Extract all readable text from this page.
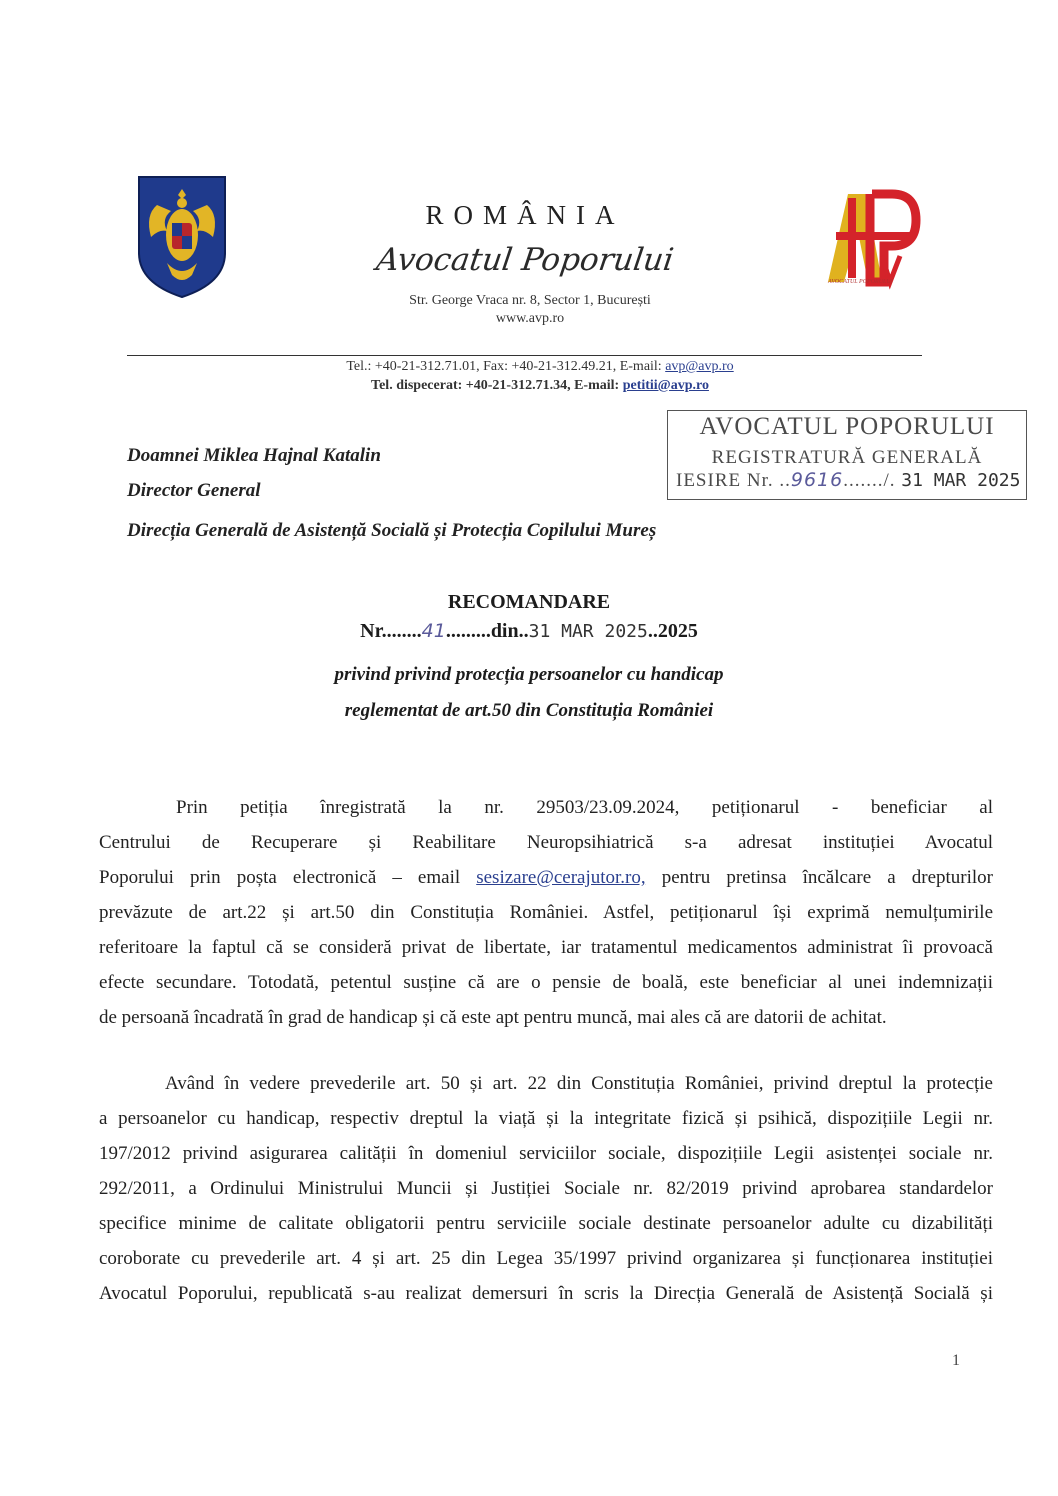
ROMÂNIA
Avocatul Poporului
Str. George Vraca nr. 8, Sector 1, București
www.avp.ro
AVOCATUL POPORULUI
Tel.: +40-21-312.71.01, Fax: +40-21-312.49.21, E-mail: avp@avp.ro
Tel. dispecerat: +40-21-312.71.34, E-mail: petitii@avp.ro
AVOCATUL POPORULUI
REGISTRATURĂ GENERALĂ
IESIRE Nr. ..9616......./. 31 MAR 2025
Doamnei Miklea Hajnal Katalin
Director General
Direcția Generală de Asistență Socială și Protecția Copilului Mureș
RECOMANDARE
Nr........41.........din..31 MAR 2025..2025
privind privind protecția persoanelor cu handicap
reglementat de art.50 din Constituția României
Prin petiția înregistrată la nr. 29503/23.09.2024, petiționarul - beneficiar al
Centrului de Recuperare și Reabilitare Neuropsihiatrică s-a adresat instituției Avocatul
Poporului prin poșta electronică – email sesizare@cerajutor.ro, pentru pretinsa încălcare a drepturilor
prevăzute de art.22 și art.50 din Constituția României. Astfel, petiționarul își exprimă nemulțumirile
referitoare la faptul că se consideră privat de libertate, iar tratamentul medicamentos administrat îi provoacă
efecte secundare. Totodată, petentul susține că are o pensie de boală, este beneficiar al unei indemnizații
de persoană încadrată în grad de handicap și că este apt pentru muncă, mai ales că are datorii de achitat.
Având în vedere prevederile art. 50 și art. 22 din Constituția României, privind dreptul la protecție
a persoanelor cu handicap, respectiv dreptul la viață și la integritate fizică și psihică, dispozițiile Legii nr.
197/2012 privind asigurarea calității în domeniul serviciilor sociale, dispozițiile Legii asistenței sociale nr.
292/2011, a Ordinului Ministrului Muncii și Justiției Sociale nr. 82/2019 privind aprobarea standardelor
specifice minime de calitate obligatorii pentru serviciile sociale destinate persoanelor adulte cu dizabilități
coroborate cu prevederile art. 4 și art. 25 din Legea 35/1997 privind organizarea și funcționarea instituției
Avocatul Poporului, republicată s-au realizat demersuri în scris la Direcția Generală de Asistență Socială și
1
